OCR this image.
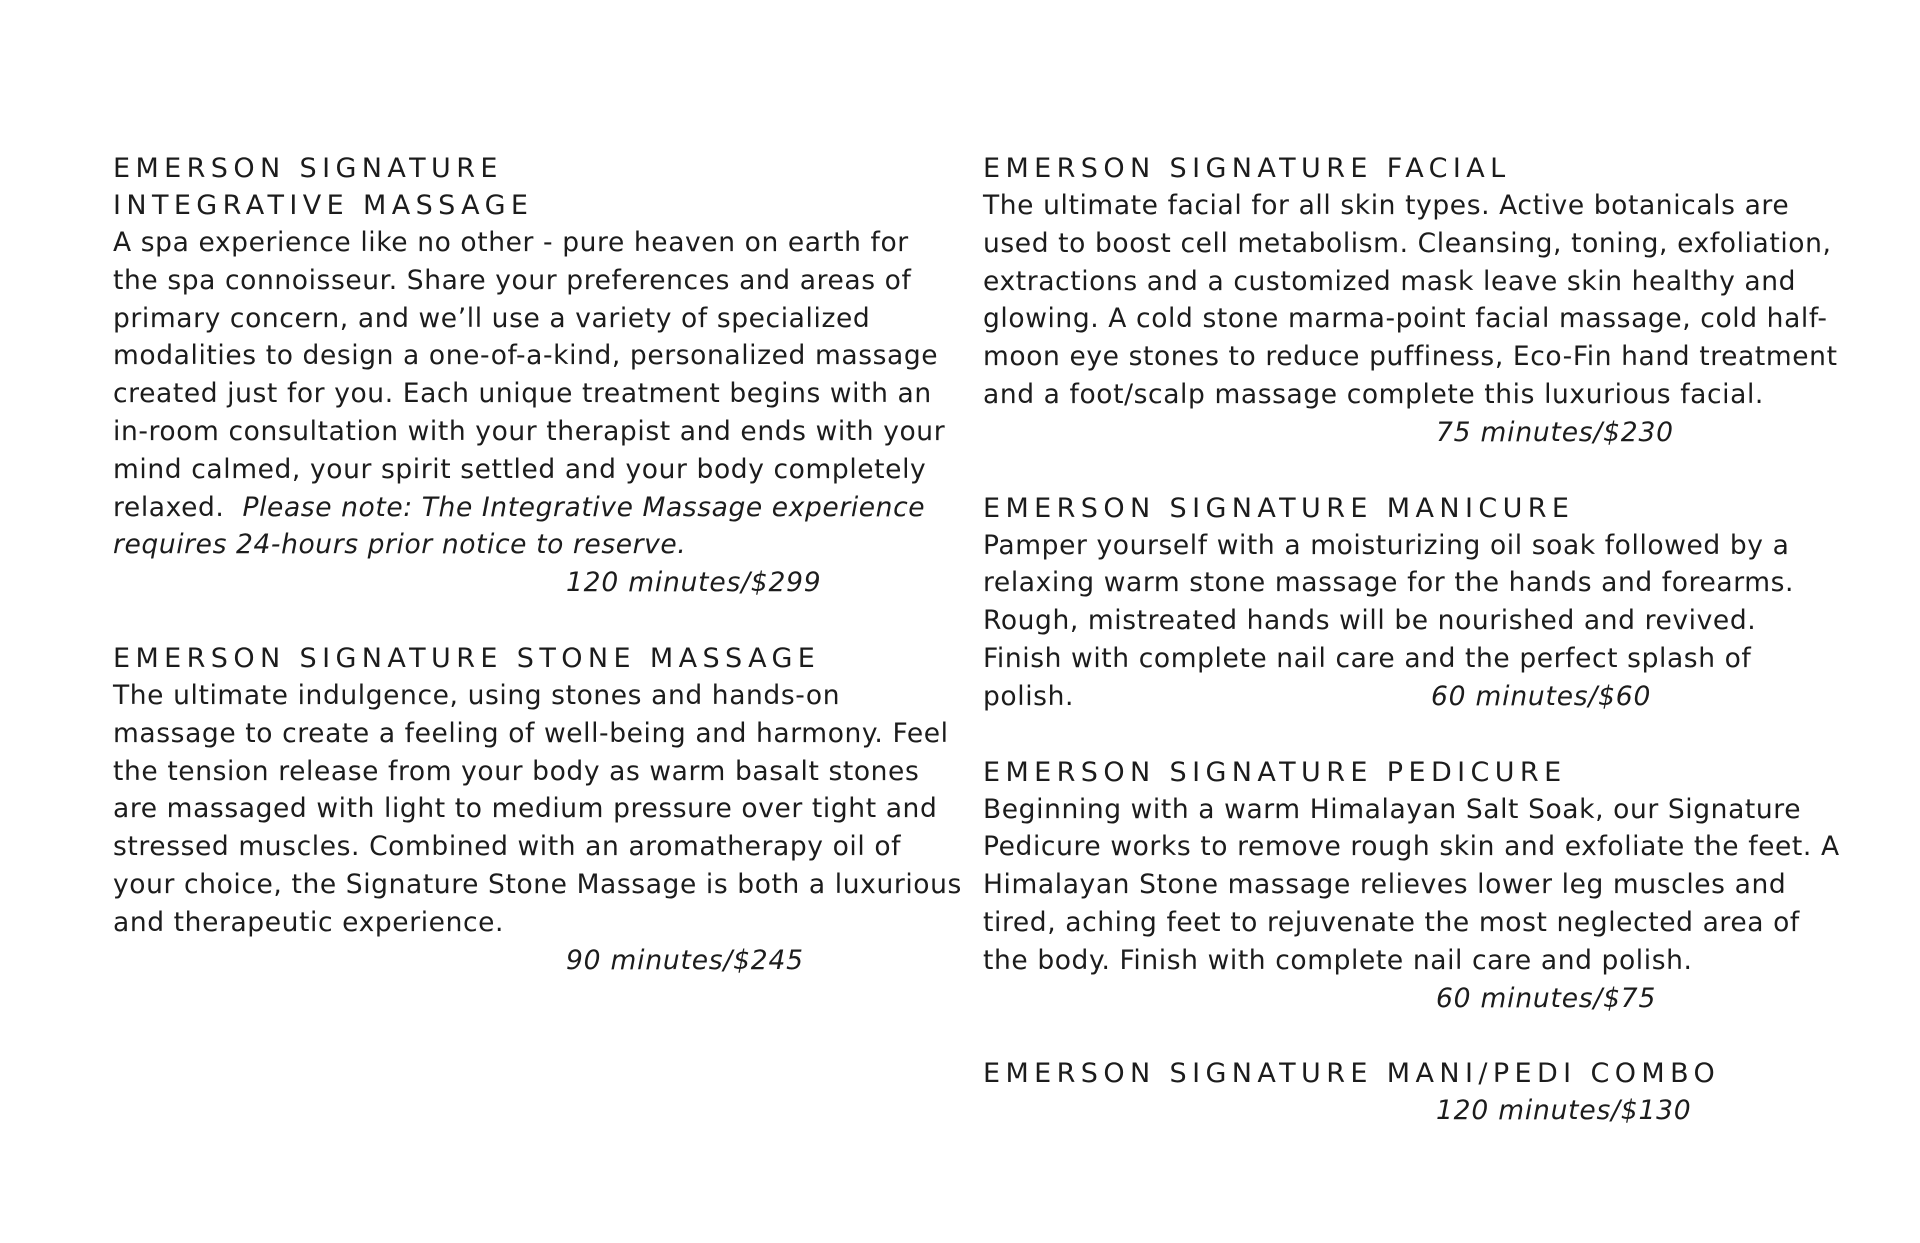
EMERSON SIGNATURE
INTEGRATIVE MASSAGE

A spa experience like no other - pure heaven on earth for the spa connoisseur. Share your preferences and areas of primary concern, and we’ll use a variety of specialized modalities to design a one-of-a-kind, personalized massage created just for you. Each unique treatment begins with an in-room consultation with your therapist and ends with your mind calmed, your spirit settled and your body completely relaxed. Please note: The Integrative Massage experience requires 24-hours prior notice to reserve.

120 minutes/$299

EMERSON SIGNATURE STONE MASSAGE

The ultimate indulgence, using stones and hands-on massage to create a feeling of well-being and harmony. Feel the tension release from your body as warm basalt stones are massaged with light to medium pressure over tight and stressed muscles. Combined with an aromatherapy oil of your choice, the Signature Stone Massage is both a luxurious and therapeutic experience.

90 minutes/$245

EMERSON SIGNATURE FACIAL

The ultimate facial for all skin types. Active botanicals are used to boost cell metabolism. Cleansing, toning, exfoliation, extractions and a customized mask leave skin healthy and glowing. A cold stone marma-point facial massage, cold half-moon eye stones to reduce puffiness, Eco-Fin hand treatment and a foot/scalp massage complete this luxurious facial.

75 minutes/$230

EMERSON SIGNATURE MANICURE

Pamper yourself with a moisturizing oil soak followed by a relaxing warm stone massage for the hands and forearms. Rough, mistreated hands will be nourished and revived. Finish with complete nail care and the perfect splash of polish.	60 minutes/$60

EMERSON SIGNATURE PEDICURE

Beginning with a warm Himalayan Salt Soak, our Signature Pedicure works to remove rough skin and exfoliate the feet. A Himalayan Stone massage relieves lower leg muscles and tired, aching feet to rejuvenate the most neglected area of the body. Finish with complete nail care and polish.

60 minutes/$75

EMERSON SIGNATURE MANI/PEDI COMBO

120 minutes/$130
